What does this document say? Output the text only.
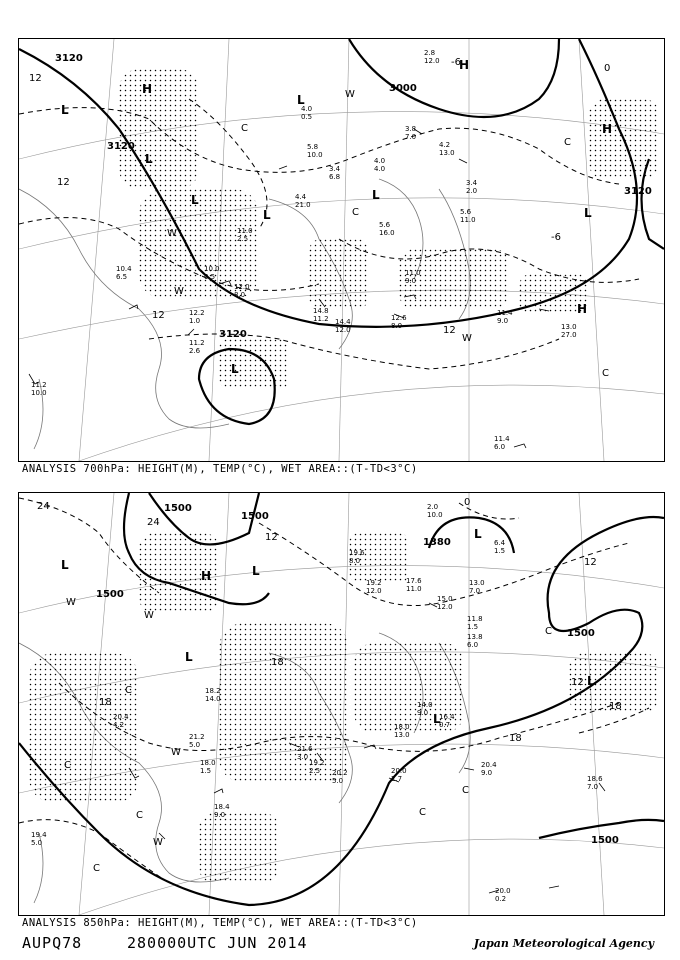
3120
3120
3000
3120
3120
12
12
12
12
0
-6
-6
H
L
L
L
L
L
L
H
H
H
L
L
W
W
W
W
C
C
C
C
11.2
10.0
10.4
6.5
11.2
2.6
12.2
1.0
12.0
8.0
11.0
2.5
10.0
0.5
14.8
11.2 14.4
12.0
12.6
8.0
5.6
16.0
11.0
9.0
3.4
6.8
4.0
4.0
3.8
7.0
4.2
13.0
3.4
2.0
5.6
11.0
11.4
9.0
13.0
27.0
11.4
6.0
5.8
10.0
2.8
12.0
4.0
0.5
4.4
21.0
ANALYSIS 700hPa: HEIGHT(M), TEMP(°C), WET AREA::(T-TD<3°C)
1500
1500
1500
1500
1380
1500
24
24
18
18
18
18
12
12
12
0
H
L
L
L
L
L
L
W
W
W
W
C
C
C
C
C
C
C
19.4
5.0
20.4
4.2
21.2
5.0
18.4
9.0
18.2
14.0
18.0
1.5
21.6
3.0
19.2
2.5 20.2
5.0
20.0
2.7
20.4
9.0
18.6
7.0
20.0
0.2
17.6
11.0
19.2
12.0
15.0
12.0
13.0
7.0
13.8
6.0
11.8
1.5
14.0
9.0 16.4
0.7
19.6
8.0
18.0
13.0
2.0
10.0
6.4
1.5
ANALYSIS 850hPa: HEIGHT(M), TEMP(°C), WET AREA::(T-TD<3°C)
AUPQ78	280000UTC JUN 2014	Japan Meteorological Agency
